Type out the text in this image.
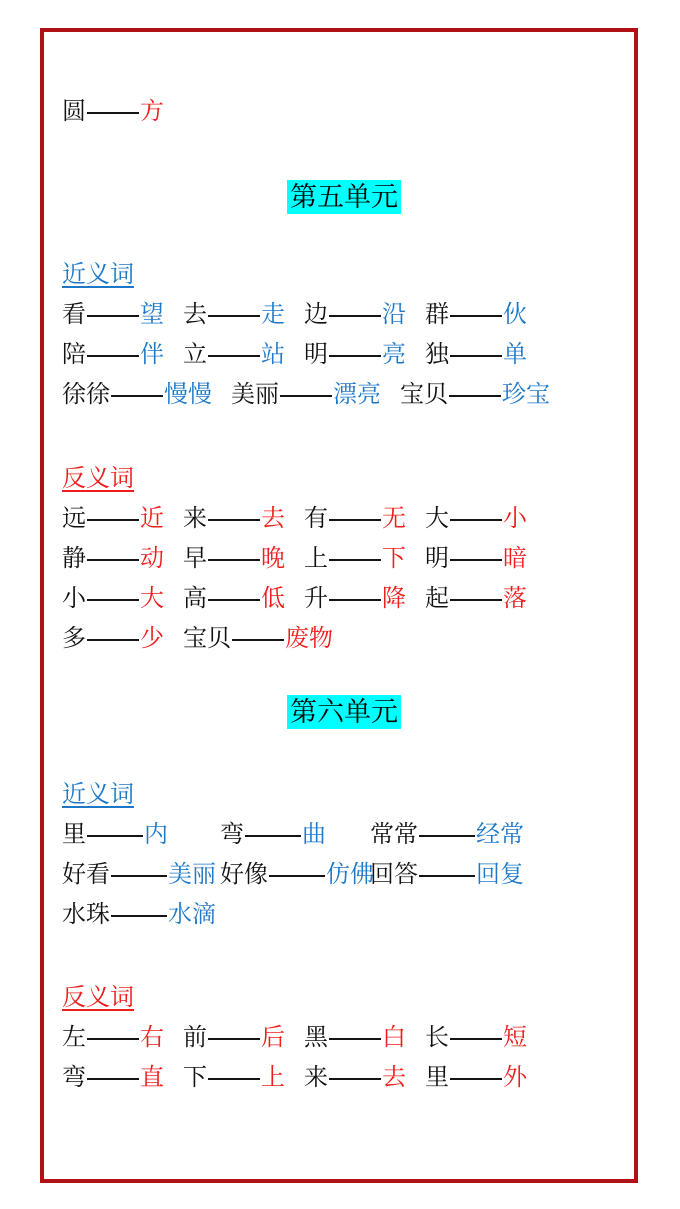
圆 方
第五单元
近义词
看 望 去 走 边 沿 群 伙
陪 伴 立 站 明 亮 独 单
徐徐 慢慢 美丽 漂亮 宝贝 珍宝
反义词
远 近 来 去 有 无 大 小
静 动 早 晚 上 下 明 暗
小 大 高 低 升 降 起 落
多 少 宝贝 废物
第六单元
近义词
里 内 弯 曲 常常 经常
好看 美丽 好像 仿佛
回答 回复
水珠 水滴
反义词
左 右 前 后 黑 白 长 短
弯 直 下 上 来 去 里 外
